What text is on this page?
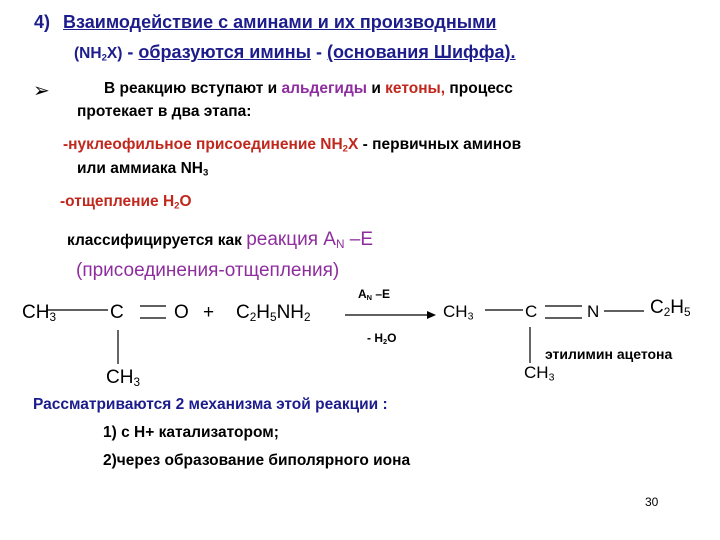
4) Взаимодействие с аминами и их производными
$(NH_2X)$ - образуются имины - (основания Шиффа).
➢	В реакцию вступают и альдегиды и кетоны, процесс
протекает в два этапа:
-нуклеофильное присоединение $NH_2X$ - первичных аминов
или аммиака $NH_3$
-отщепление $H_2O$
классифицируется как реакция $A_N$ –E
(присоединения-отщепления)
$CH_3$	C	$O + C_2H_5NH_2$
$CH_3$
$A_N$ –E
- $H_2O$
$CH_3$	C	N	$C_2H_5$
$CH_3$
этилимин ацетона
Рассматриваются 2 механизма этой реакции :
1) с H+ катализатором;
2)через образование биполярного иона
30
